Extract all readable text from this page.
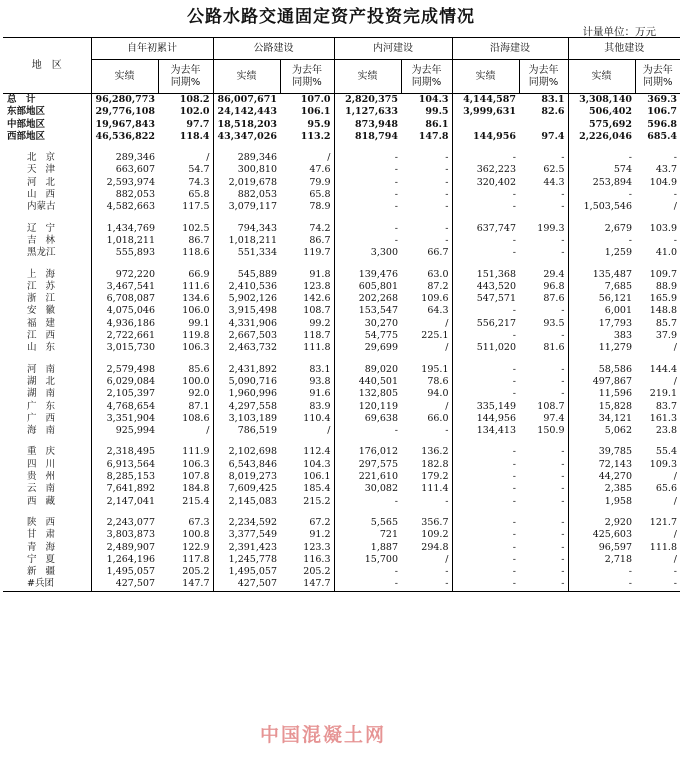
公路水路交通固定资产投资完成情况
计量单位：万元
地　区	自年初累计		公路建设		内河建设		沿海建设		其他建设	
	实绩	为去年
同期%	实绩	为去年
同期%	实绩	为去年
同期%	实绩	为去年
同期%	实绩	为去年
同期%
总　计	96,280,773	108.2	86,007,671	107.0	2,820,375	104.3	4,144,587	83.1	3,308,140	369.3
东部地区	29,776,108	102.0	24,142,443	106.1	1,127,633	99.5	3,999,631	82.6	506,402	106.7
中部地区	19,967,843	97.7	18,518,203	95.9	873,948	86.1			575,692	596.8
西部地区	46,536,822	118.4	43,347,026	113.2	818,794	147.8	144,956	97.4	2,226,046	685.4

北京	289,346	/	289,346	/	-	-	-	-	-	-
天津	663,607	54.7	300,810	47.6	-	-	362,223	62.5	574	43.7
河北	2,593,974	74.3	2,019,678	79.9	-	-	320,402	44.3	253,894	104.9
山西	882,053	65.8	882,053	65.8	-	-	-	-	-	-
内蒙古	4,582,663	117.5	3,079,117	78.9	-	-	-	-	1,503,546	/

辽宁	1,434,769	102.5	794,343	74.2	-	-	637,747	199.3	2,679	103.9
吉林	1,018,211	86.7	1,018,211	86.7	-	-	-	-	-	-
黑龙江	555,893	118.6	551,334	119.7	3,300	66.7	-	-	1,259	41.0

上海	972,220	66.9	545,889	91.8	139,476	63.0	151,368	29.4	135,487	109.7
江苏	3,467,541	111.6	2,410,536	123.8	605,801	87.2	443,520	96.8	7,685	88.9
浙江	6,708,087	134.6	5,902,126	142.6	202,268	109.6	547,571	87.6	56,121	165.9
安徽	4,075,046	106.0	3,915,498	108.7	153,547	64.3	-	-	6,001	148.8
福建	4,936,186	99.1	4,331,906	99.2	30,270	/	556,217	93.5	17,793	85.7
江西	2,722,661	119.8	2,667,503	118.7	54,775	225.1	-	-	383	37.9
山东	3,015,730	106.3	2,463,732	111.8	29,699	/	511,020	81.6	11,279	/

河南	2,579,498	85.6	2,431,892	83.1	89,020	195.1	-	-	58,586	144.4
湖北	6,029,084	100.0	5,090,716	93.8	440,501	78.6	-	-	497,867	/
湖南	2,105,397	92.0	1,960,996	91.6	132,805	94.0	-	-	11,596	219.1
广东	4,768,654	87.1	4,297,558	83.9	120,119	/	335,149	108.7	15,828	83.7
广西	3,351,904	108.6	3,103,189	110.4	69,638	66.0	144,956	97.4	34,121	161.3
海南	925,994	/	786,519	/	-	-	134,413	150.9	5,062	23.8

重庆	2,318,495	111.9	2,102,698	112.4	176,012	136.2	-	-	39,785	55.4
四川	6,913,564	106.3	6,543,846	104.3	297,575	182.8	-	-	72,143	109.3
贵州	8,285,153	107.8	8,019,273	106.1	221,610	179.2	-	-	44,270	/
云南	7,641,892	184.8	7,609,425	185.4	30,082	111.4	-	-	2,385	65.6
西藏	2,147,041	215.4	2,145,083	215.2	-	-	-	-	1,958	/

陕西	2,243,077	67.3	2,234,592	67.2	5,565	356.7	-	-	2,920	121.7
甘肃	3,803,873	100.8	3,377,549	91.2	721	109.2	-	-	425,603	/
青海	2,489,907	122.9	2,391,423	123.3	1,887	294.8	-	-	96,597	111.8
宁夏	1,264,196	117.8	1,245,778	116.3	15,700	/	-	-	2,718	/
新疆	1,495,057	205.2	1,495,057	205.2	-	-	-	-	-	-
#兵团	427,507	147.7	427,507	147.7	-	-	-	-	-	-
中国混凝土网
